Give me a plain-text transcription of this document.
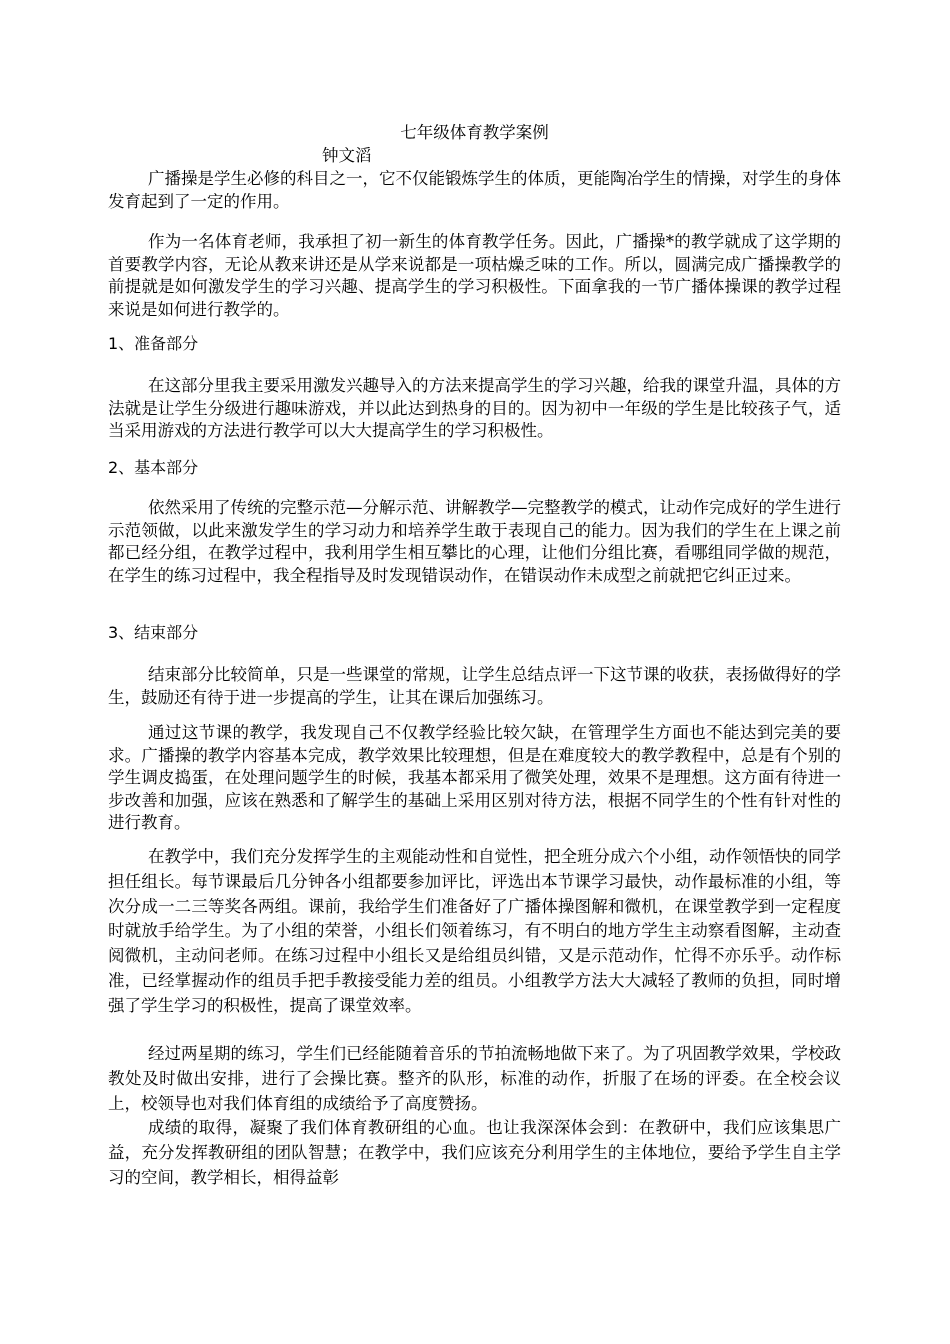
七年级体育教学案例
钟文滔

广播操是学生必修的科目之一，它不仅能锻炼学生的体质，更能陶冶学生的情操，对学生的身体发育起到了一定的作用。

作为一名体育老师，我承担了初一新生的体育教学任务。因此，广播操*的教学就成了这学期的首要教学内容，无论从教来讲还是从学来说都是一项枯燥乏味的工作。所以，圆满完成广播操教学的前提就是如何激发学生的学习兴趣、提高学生的学习积极性。下面拿我的一节广播体操课的教学过程来说是如何进行教学的。

1、准备部分

在这部分里我主要采用激发兴趣导入的方法来提高学生的学习兴趣，给我的课堂升温，具体的方法就是让学生分级进行趣味游戏，并以此达到热身的目的。因为初中一年级的学生是比较孩子气，适当采用游戏的方法进行教学可以大大提高学生的学习积极性。

2、基本部分

依然采用了传统的完整示范—分解示范、讲解教学—完整教学的模式，让动作完成好的学生进行示范领做，以此来激发学生的学习动力和培养学生敢于表现自己的能力。因为我们的学生在上课之前都已经分组，在教学过程中，我利用学生相互攀比的心理，让他们分组比赛，看哪组同学做的规范，在学生的练习过程中，我全程指导及时发现错误动作，在错误动作未成型之前就把它纠正过来。

3、结束部分

结束部分比较简单，只是一些课堂的常规，让学生总结点评一下这节课的收获，表扬做得好的学生，鼓励还有待于进一步提高的学生，让其在课后加强练习。

通过这节课的教学，我发现自己不仅教学经验比较欠缺，在管理学生方面也不能达到完美的要求。广播操的教学内容基本完成，教学效果比较理想，但是在难度较大的教学教程中，总是有个别的学生调皮捣蛋，在处理问题学生的时候，我基本都采用了微笑处理，效果不是理想。这方面有待进一步改善和加强，应该在熟悉和了解学生的基础上采用区别对待方法，根据不同学生的个性有针对性的进行教育。

在教学中，我们充分发挥学生的主观能动性和自觉性，把全班分成六个小组，动作领悟快的同学担任组长。每节课最后几分钟各小组都要参加评比，评选出本节课学习最快，动作最标准的小组，等次分成一二三等奖各两组。课前，我给学生们准备好了广播体操图解和微机，在课堂教学到一定程度时就放手给学生。为了小组的荣誉，小组长们领着练习，有不明白的地方学生主动察看图解，主动查阅微机，主动问老师。在练习过程中小组长又是给组员纠错，又是示范动作，忙得不亦乐乎。动作标准，已经掌握动作的组员手把手教接受能力差的组员。小组教学方法大大减轻了教师的负担，同时增强了学生学习的积极性，提高了课堂效率。

经过两星期的练习，学生们已经能随着音乐的节拍流畅地做下来了。为了巩固教学效果，学校政教处及时做出安排，进行了会操比赛。整齐的队形，标准的动作，折服了在场的评委。在全校会议上，校领导也对我们体育组的成绩给予了高度赞扬。

成绩的取得，凝聚了我们体育教研组的心血。也让我深深体会到：在教研中，我们应该集思广益，充分发挥教研组的团队智慧；在教学中，我们应该充分利用学生的主体地位，要给予学生自主学习的空间，教学相长，相得益彰
